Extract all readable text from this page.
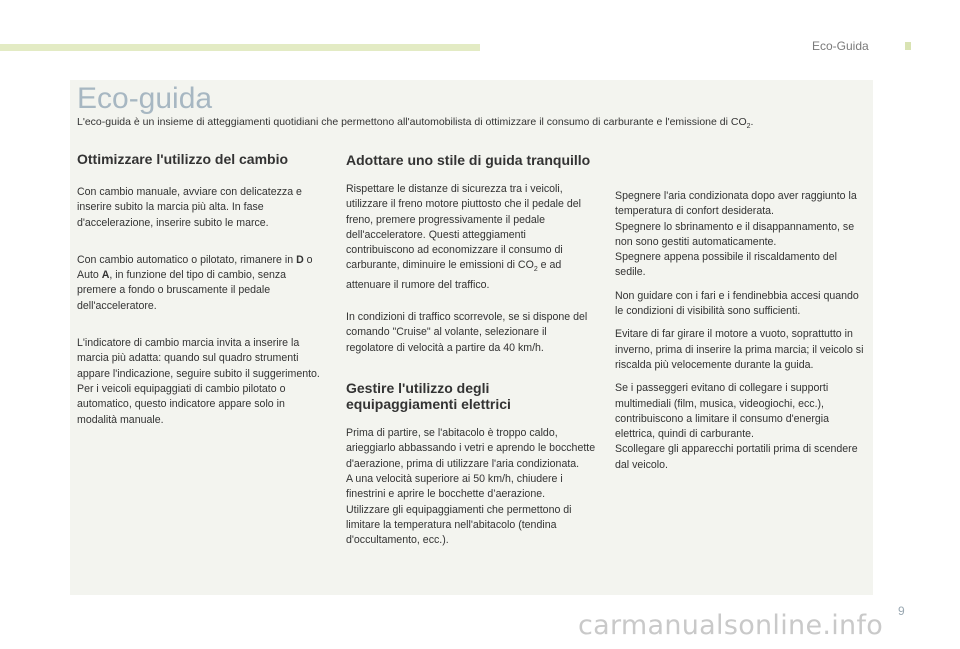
Eco-Guida
Eco-guida
L'eco-guida è un insieme di atteggiamenti quotidiani che permettono all'automobilista di ottimizzare il consumo di carburante e l'emissione di $CO_2$.
Ottimizzare l'utilizzo del cambio

Con cambio manuale, avviare con delicatezza e inserire subito la marcia più alta. In fase d'accelerazione, inserire subito le marce.

Con cambio automatico o pilotato, rimanere in D o Auto A, in funzione del tipo di cambio, senza premere a fondo o bruscamente il pedale dell'acceleratore.

L'indicatore di cambio marcia invita a inserire la marcia più adatta: quando sul quadro strumenti appare l'indicazione, seguire subito il suggerimento.
Per i veicoli equipaggiati di cambio pilotato o automatico, questo indicatore appare solo in modalità manuale.

Adottare uno stile di guida tranquillo

Rispettare le distanze di sicurezza tra i veicoli, utilizzare il freno motore piuttosto che il pedale del freno, premere progressivamente il pedale dell'acceleratore. Questi atteggiamenti contribuiscono ad economizzare il consumo di carburante, diminuire le emissioni di $CO_2$ e ad attenuare il rumore del traffico.

In condizioni di traffico scorrevole, se si dispone del comando "Cruise" al volante, selezionare il regolatore di velocità a partire da 40 km/h.

Gestire l'utilizzo degli equipaggiamenti elettrici

Prima di partire, se l'abitacolo è troppo caldo, arieggiarlo abbassando i vetri e aprendo le bocchette d'aerazione, prima di utilizzare l'aria condizionata.
A una velocità superiore ai 50 km/h, chiudere i finestrini e aprire le bocchette d’aerazione.
Utilizzare gli equipaggiamenti che permettono di limitare la temperatura nell'abitacolo (tendina d'occultamento, ecc.).

Spegnere l'aria condizionata dopo aver raggiunto la temperatura di confort desiderata.
Spegnere lo sbrinamento e il disappannamento, se non sono gestiti automaticamente.
Spegnere appena possibile il riscaldamento del sedile.

Non guidare con i fari e i fendinebbia accesi quando le condizioni di visibilità sono sufficienti.

Evitare di far girare il motore a vuoto, soprattutto in inverno, prima di inserire la prima marcia; il veicolo si riscalda più velocemente durante la guida.

Se i passeggeri evitano di collegare i supporti multimediali (film, musica, videogiochi, ecc.), contribuiscono a limitare il consumo d'energia elettrica, quindi di carburante.
Scollegare gli apparecchi portatili prima di scendere dal veicolo.

9
carmanualsonline.info
